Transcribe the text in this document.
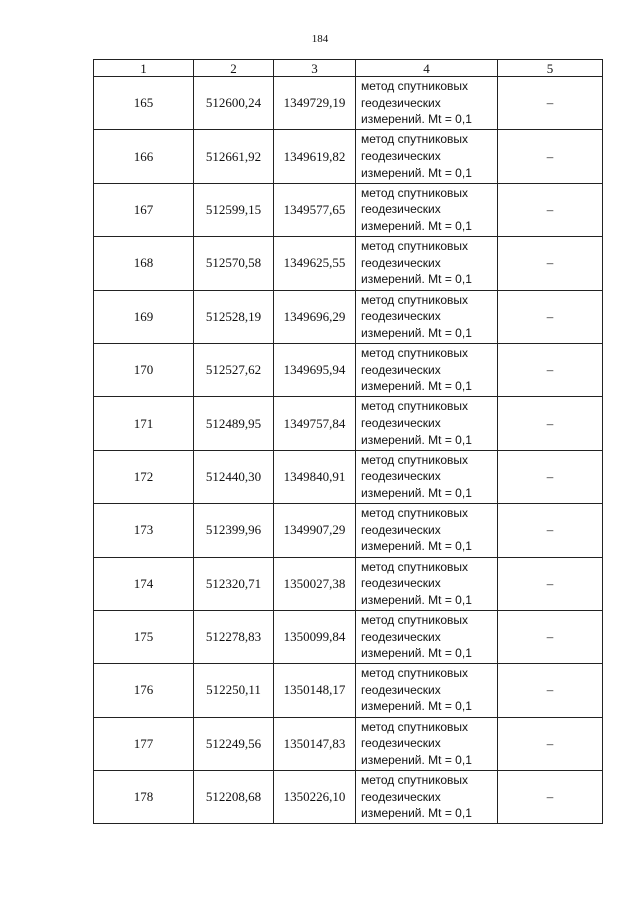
184
1	2	3	4	5
165	512600,24	1349729,19	метод спутниковых
геодезических
измерений. Mt = 0,1	–
166	512661,92	1349619,82	метод спутниковых
геодезических
измерений. Mt = 0,1	–
167	512599,15	1349577,65	метод спутниковых
геодезических
измерений. Mt = 0,1	–
168	512570,58	1349625,55	метод спутниковых
геодезических
измерений. Mt = 0,1	–
169	512528,19	1349696,29	метод спутниковых
геодезических
измерений. Mt = 0,1	–
170	512527,62	1349695,94	метод спутниковых
геодезических
измерений. Mt = 0,1	–
171	512489,95	1349757,84	метод спутниковых
геодезических
измерений. Mt = 0,1	–
172	512440,30	1349840,91	метод спутниковых
геодезических
измерений. Mt = 0,1	–
173	512399,96	1349907,29	метод спутниковых
геодезических
измерений. Mt = 0,1	–
174	512320,71	1350027,38	метод спутниковых
геодезических
измерений. Mt = 0,1	–
175	512278,83	1350099,84	метод спутниковых
геодезических
измерений. Mt = 0,1	–
176	512250,11	1350148,17	метод спутниковых
геодезических
измерений. Mt = 0,1	–
177	512249,56	1350147,83	метод спутниковых
геодезических
измерений. Mt = 0,1	–
178	512208,68	1350226,10	метод спутниковых
геодезических
измерений. Mt = 0,1	–
